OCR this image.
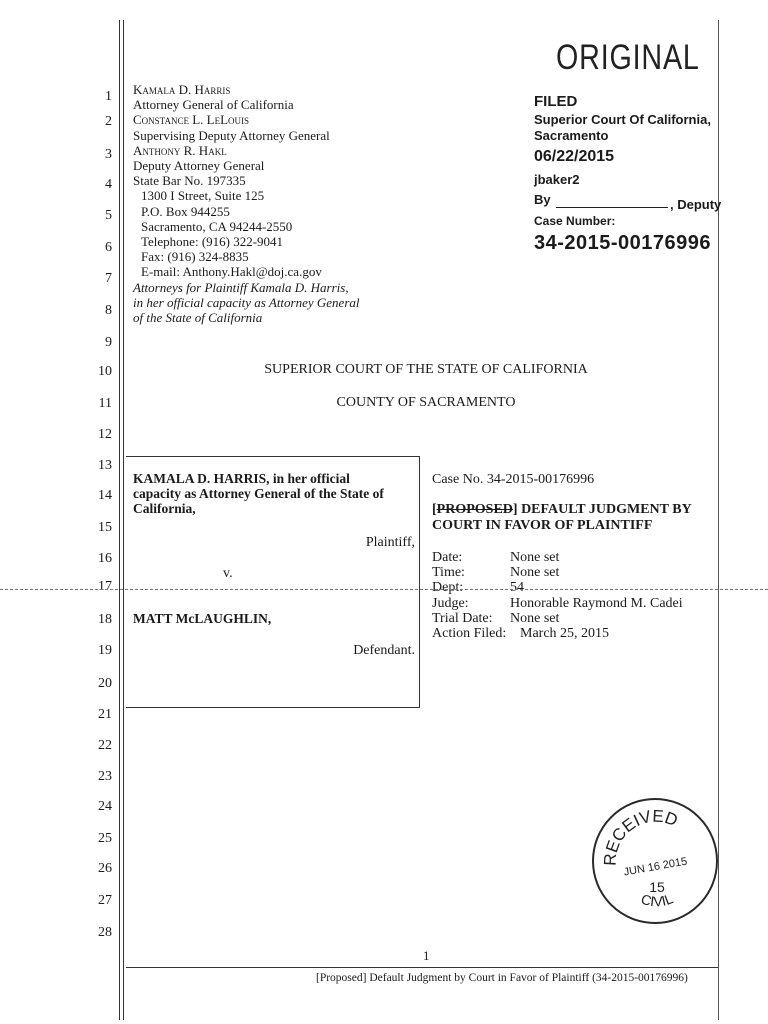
1
2
3
4
5
6
7
8
9
10
11
12
13
14
15
16
17
18
19
20
21
22
23
24
25
26
27
28
ORIGINAL
FILED
Superior Court Of California,
Sacramento
06/22/2015
jbaker2
By	, Deputy
Case Number:
34-2015-00176996
Kamala D. Harris
Attorney General of California
Constance L. LeLouis
Supervising Deputy Attorney General
Anthony R. Hakl
Deputy Attorney General
State Bar No. 197335
1300 I Street, Suite 125
P.O. Box 944255
Sacramento, CA 94244-2550
Telephone: (916) 322-9041
Fax: (916) 324-8835
E-mail: Anthony.Hakl@doj.ca.gov
Attorneys for Plaintiff Kamala D. Harris,
in her official capacity as Attorney General
of the State of California
SUPERIOR COURT OF THE STATE OF CALIFORNIA
COUNTY OF SACRAMENTO
KAMALA D. HARRIS, in her official
capacity as Attorney General of the State of
California,
Plaintiff,
v.
MATT McLAUGHLIN,
Defendant.
Case No. 34-2015-00176996
[PROPOSED] DEFAULT JUDGMENT BY
COURT IN FAVOR OF PLAINTIFF
Date:	None set
Time:	None set
Dept:	54
Judge:	Honorable Raymond M. Cadei
Trial Date: None set
Action Filed: March 25, 2015
RECEIVED
JUN 16 2015
15
CIVIL
1
[Proposed] Default Judgment by Court in Favor of Plaintiff (34-2015-00176996)
